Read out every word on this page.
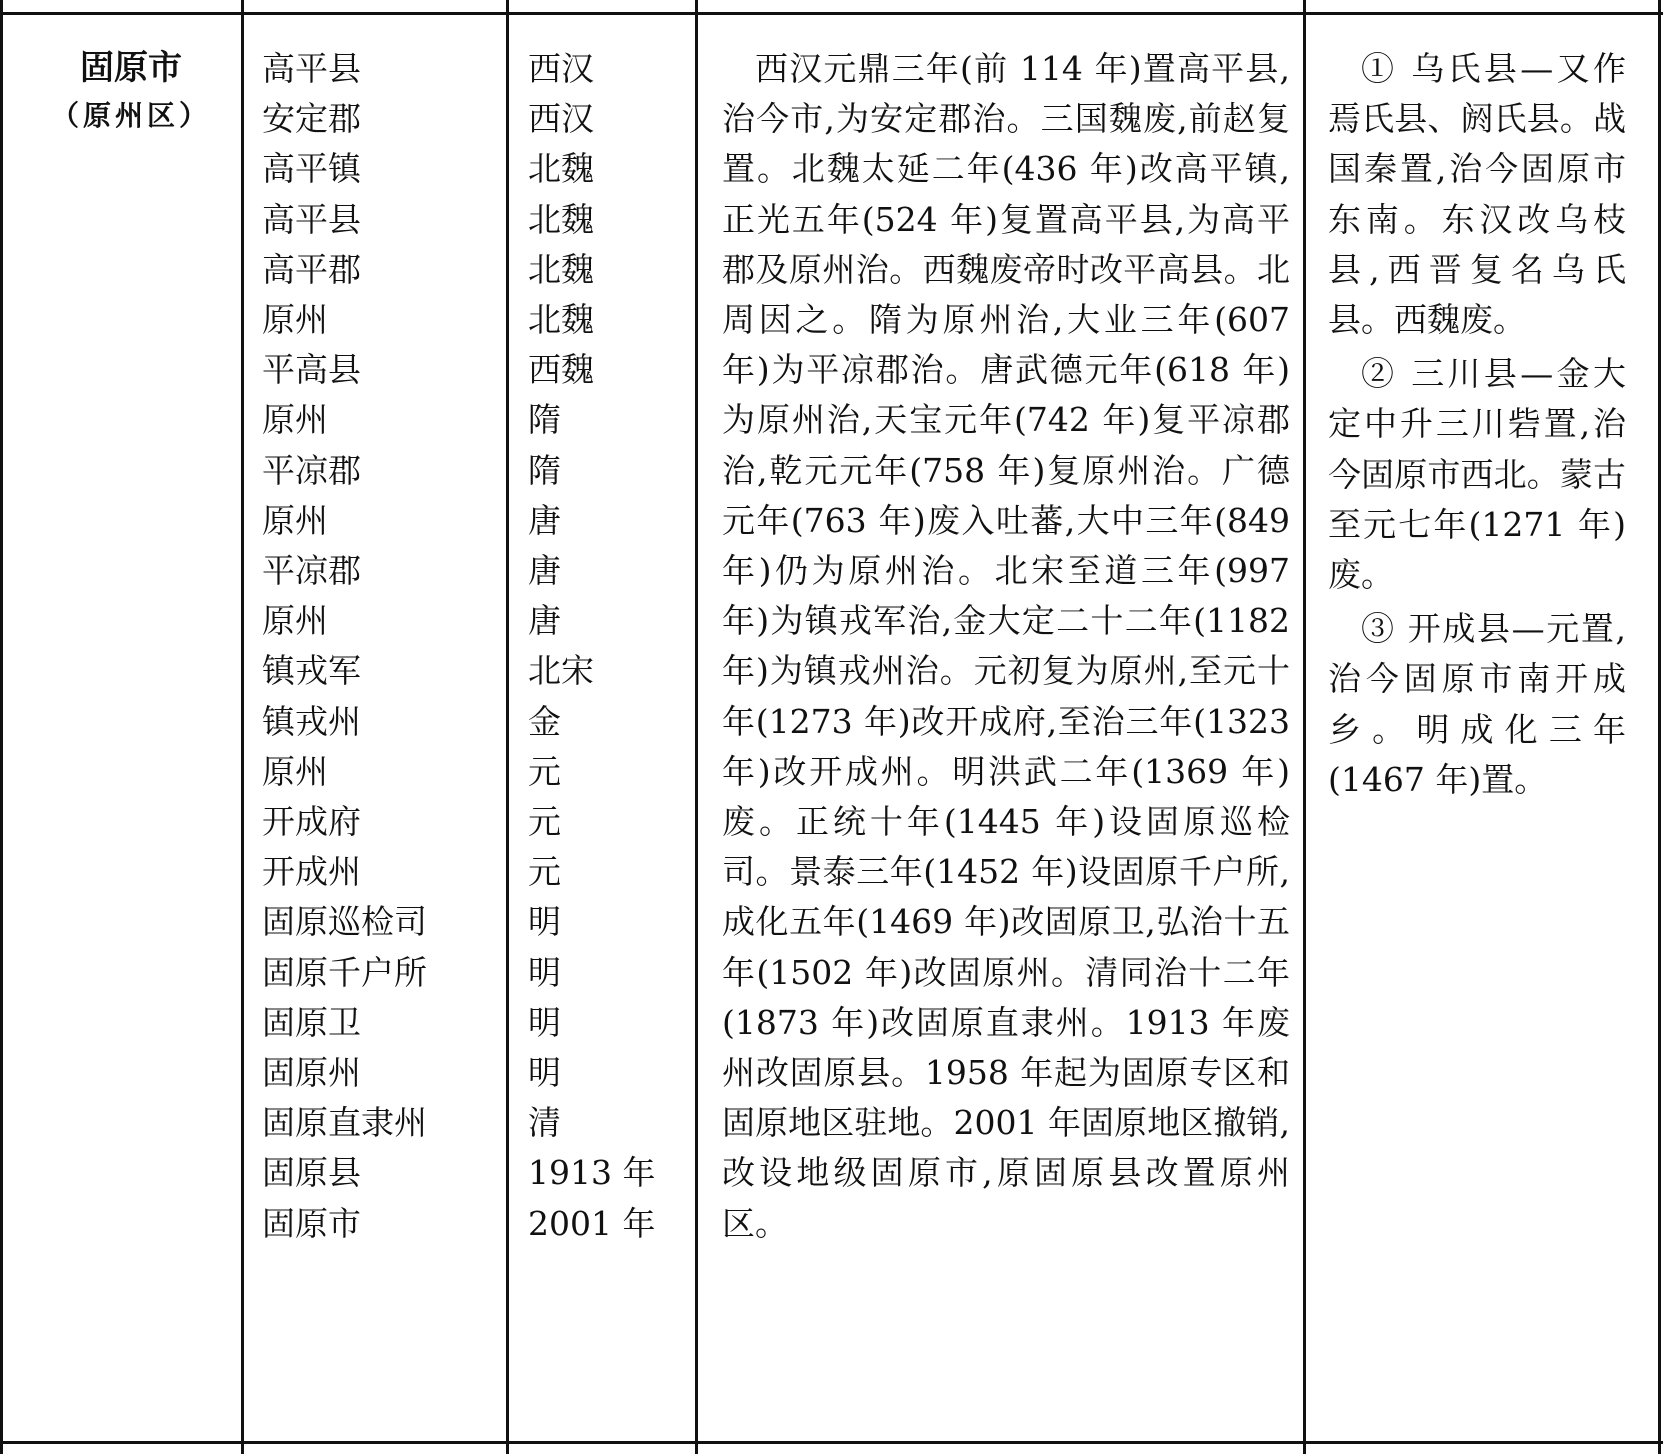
固原市
（原州区）
高平县
安定郡
高平镇
高平县
高平郡
原州
平高县
原州
平凉郡
原州
平凉郡
原州
镇戎军
镇戎州
原州
开成府
开成州
固原巡检司
固原千户所
固原卫
固原州
固原直隶州
固原县
固原市
西汉
西汉
北魏
北魏
北魏
北魏
西魏
隋
隋
唐
唐
唐
北宋
金
元
元
元
明
明
明
明
清
1913 年
2001 年
西汉元鼎三年(前 114 年)置高平县,治今市,为安定郡治。三国魏废,前赵复置。北魏太延二年(436 年)改高平镇,正光五年(524 年)复置高平县,为高平郡及原州治。西魏废帝时改平高县。北周因之。隋为原州治,大业三年(607 年)为平凉郡治。唐武德元年(618 年)为原州治,天宝元年(742 年)复平凉郡治,乾元元年(758 年)复原州治。广德元年(763 年)废入吐蕃,大中三年(849 年)仍为原州治。北宋至道三年(997 年)为镇戎军治,金大定二十二年(1182 年)为镇戎州治。元初复为原州,至元十年(1273 年)改开成府,至治三年(1323 年)改开成州。明洪武二年(1369 年)废。正统十年(1445 年)设固原巡检司。景泰三年(1452 年)设固原千户所,成化五年(1469 年)改固原卫,弘治十五年(1502 年)改固原州。清同治十二年(1873 年)改固原直隶州。1913 年废州改固原县。1958 年起为固原专区和固原地区驻地。2001 年固原地区撤销,改设地级固原市,原固原县改置原州区。
① 乌氏县—又作焉氏县、阏氏县。战国秦置,治今固原市东南。东汉改乌枝县,西晋复名乌氏县。西魏废。
② 三川县—金大定中升三川砦置,治今固原市西北。蒙古至元七年(1271 年)废。
③ 开成县—元置,治今固原市南开成乡。明成化三年(1467 年)置。
